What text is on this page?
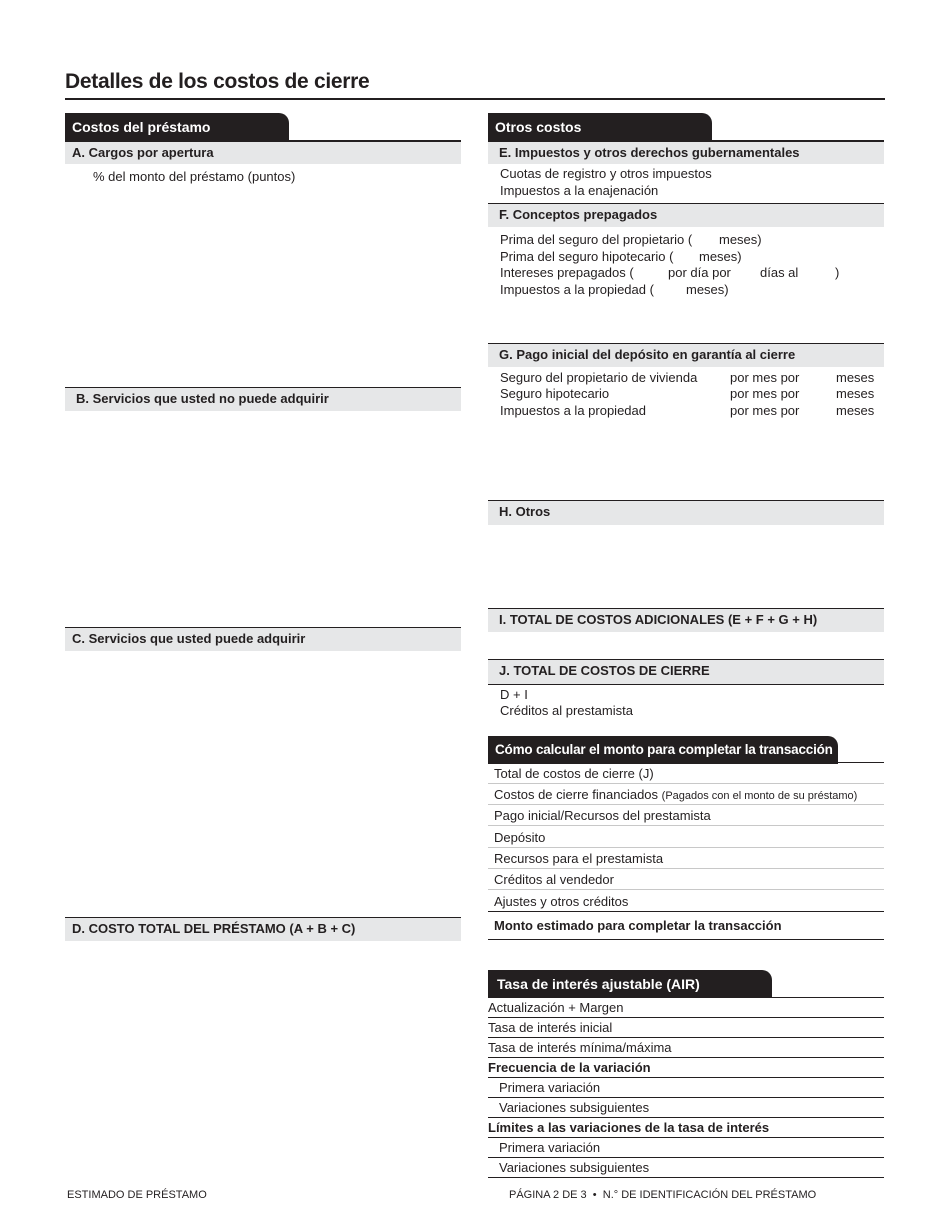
Detalles de los costos de cierre
Costos del préstamo
A. Cargos por apertura
% del monto del préstamo (puntos)
B. Servicios que usted no puede adquirir
C. Servicios que usted puede adquirir
D. COSTO TOTAL DEL PRÉSTAMO (A + B + C)
Otros costos
E. Impuestos y otros derechos gubernamentales
Cuotas de registro y otros impuestos
Impuestos a la enajenación
F. Conceptos prepagados
Prima del seguro del propietario ( meses)
Prima del seguro hipotecario ( meses)
Intereses prepagados (	por día por días al	)
Impuestos a la propiedad ( meses)
G. Pago inicial del depósito en garantía al cierre
Seguro del propietario de vivienda	por mes por	meses
Seguro hipotecario	por mes por	meses
Impuestos a la propiedad	por mes por	meses
H. Otros
I. TOTAL DE COSTOS ADICIONALES (E + F + G + H)
J. TOTAL DE COSTOS DE CIERRE
D + I
Créditos al prestamista
Cómo calcular el monto para completar la transacción
Total de costos de cierre (J)
Costos de cierre financiados (Pagados con el monto de su préstamo)
Pago inicial/Recursos del prestamista
Depósito
Recursos para el prestamista
Créditos al vendedor
Ajustes y otros créditos
Monto estimado para completar la transacción
Tasa de interés ajustable (AIR)
Actualización + Margen
Tasa de interés inicial
Tasa de interés mínima/máxima
Frecuencia de la variación
Primera variación
Variaciones subsiguientes
Límites a las variaciones de la tasa de interés
Primera variación
Variaciones subsiguientes
ESTIMADO DE PRÉSTAMO	PÁGINA 2 DE 3 • N.° DE IDENTIFICACIÓN DEL PRÉSTAMO
